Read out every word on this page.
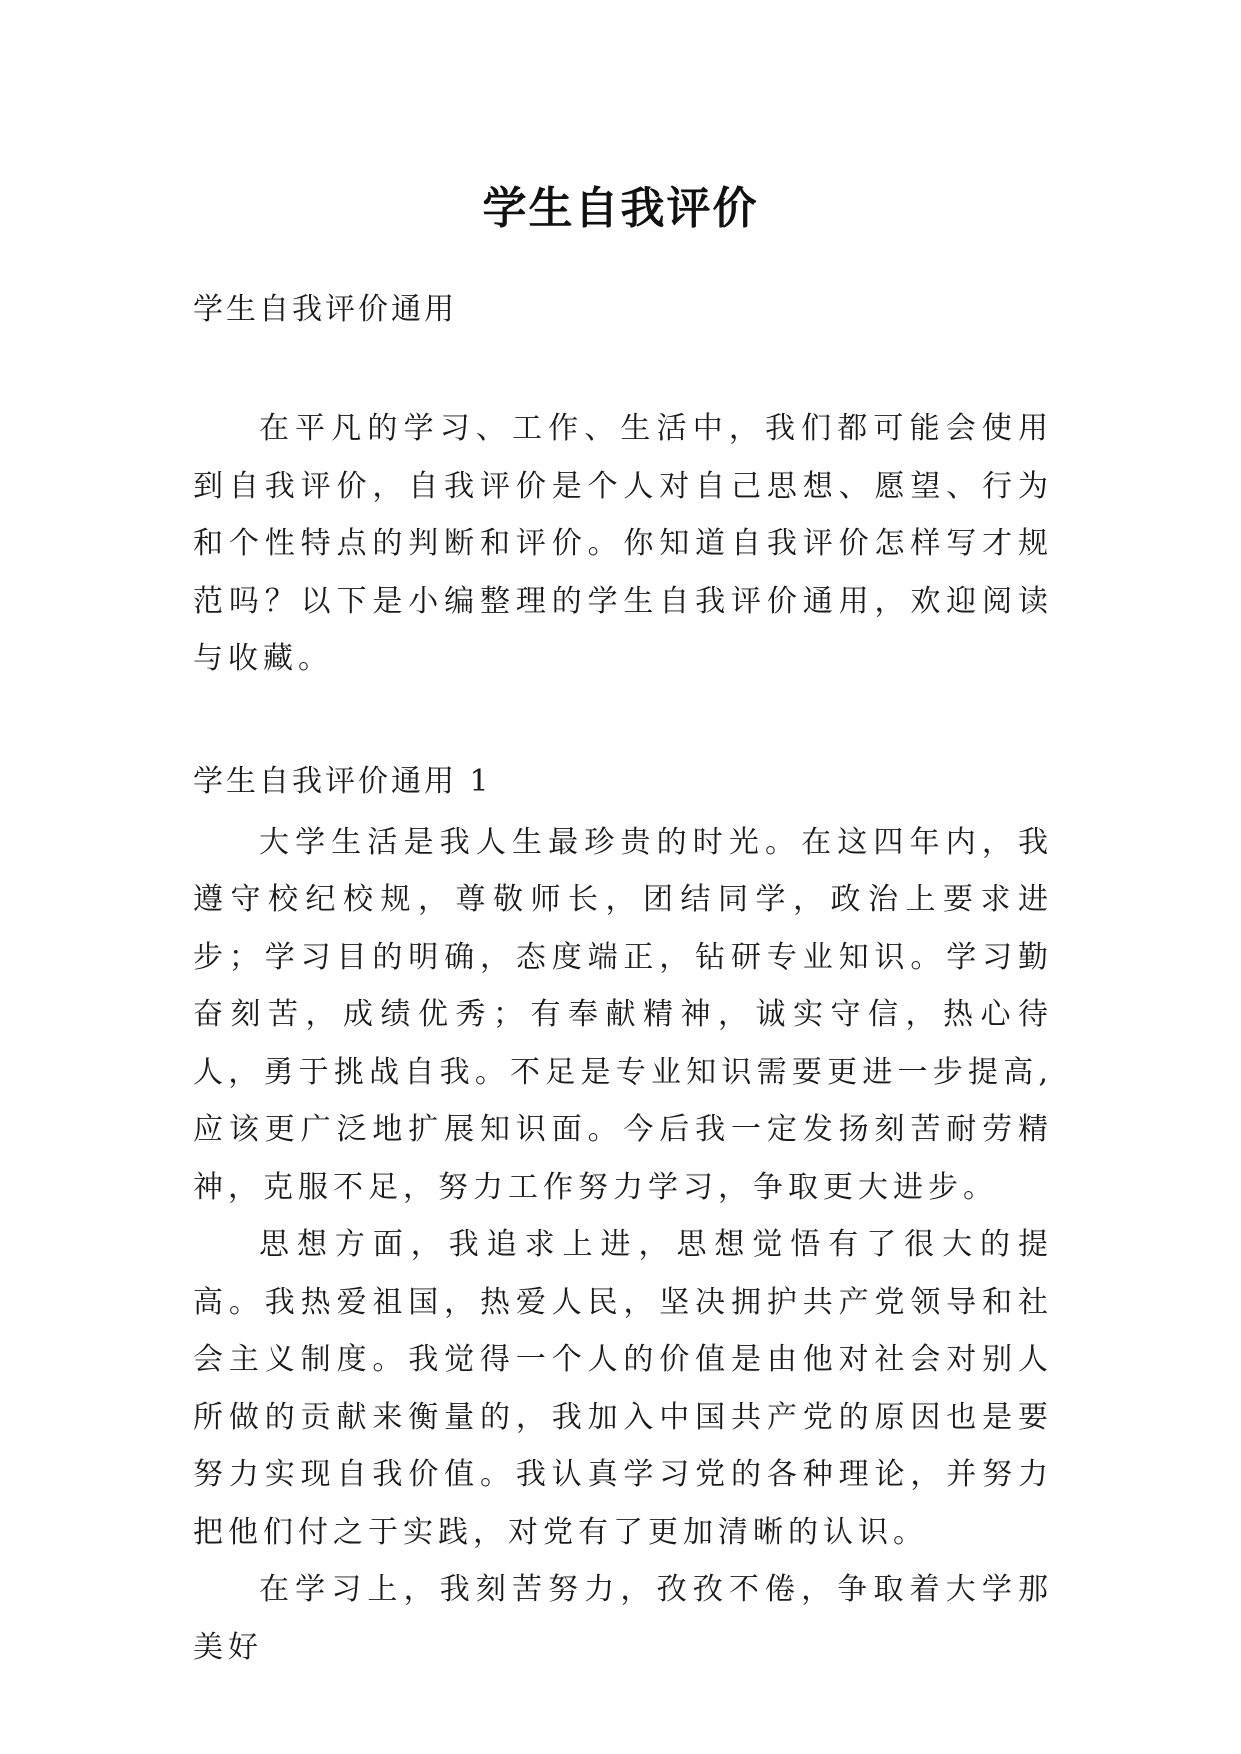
学生自我评价

学生自我评价通用

在平凡的学习、工作、生活中，我们都可能会使用到自我评价，自我评价是个人对自己思想、愿望、行为和个性特点的判断和评价。你知道自我评价怎样写才规范吗？以下是小编整理的学生自我评价通用，欢迎阅读与收藏。

学生自我评价通用 1

大学生活是我人生最珍贵的时光。在这四年内，我遵守校纪校规，尊敬师长，团结同学，政治上要求进步；学习目的明确，态度端正，钻研专业知识。学习勤奋刻苦，成绩优秀；有奉献精神，诚实守信，热心待人，勇于挑战自我。不足是专业知识需要更进一步提高,应该更广泛地扩展知识面。今后我一定发扬刻苦耐劳精神，克服不足，努力工作努力学习，争取更大进步。

思想方面，我追求上进，思想觉悟有了很大的提高。我热爱祖国，热爱人民，坚决拥护共产党领导和社会主义制度。我觉得一个人的价值是由他对社会对别人所做的贡献来衡量的，我加入中国共产党的原因也是要努力实现自我价值。我认真学习党的各种理论，并努力把他们付之于实践，对党有了更加清晰的认识。

在学习上，我刻苦努力，孜孜不倦，争取着大学那美好
